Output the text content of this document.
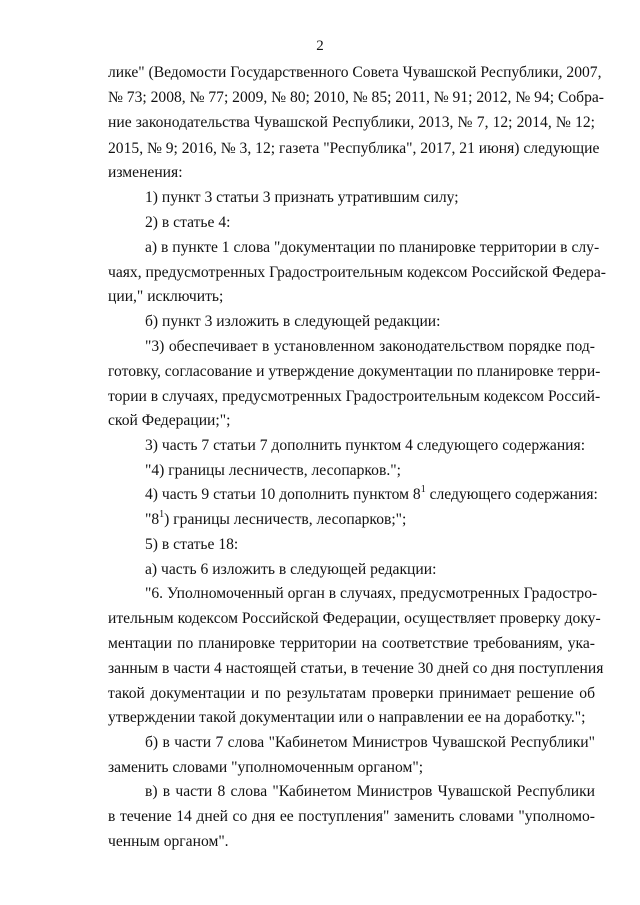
2
лике" (Ведомости Государственного Совета Чувашской Республики, 2007,
№ 73; 2008, № 77; 2009, № 80; 2010, № 85; 2011, № 91; 2012, № 94; Собра-
ние законодательства Чувашской Республики, 2013, № 7, 12; 2014, № 12;
2015, № 9; 2016, № 3, 12; газета "Республика", 2017, 21 июня) следующие
изменения:
1) пункт 3 статьи 3 признать утратившим силу;
2) в статье 4:
а) в пункте 1 слова "документации по планировке территории в слу-
чаях, предусмотренных Градостроительным кодексом Российской Федера-
ции," исключить;
б) пункт 3 изложить в следующей редакции:
"3) обеспечивает в установленном законодательством порядке под-
готовку, согласование и утверждение документации по планировке терри-
тории в случаях, предусмотренных Градостроительным кодексом Россий-
ской Федерации;";
3) часть 7 статьи 7 дополнить пунктом 4 следующего содержания:
"4) границы лесничеств, лесопарков.";
4) часть 9 статьи 10 дополнить пунктом $8^1$ следующего содержания:
"$8^1$) границы лесничеств, лесопарков;";
5) в статье 18:
а) часть 6 изложить в следующей редакции:
"6. Уполномоченный орган в случаях, предусмотренных Градостро-
ительным кодексом Российской Федерации, осуществляет проверку доку-
ментации по планировке территории на соответствие требованиям, ука-
занным в части 4 настоящей статьи, в течение 30 дней со дня поступления
такой документации и по результатам проверки принимает решение об
утверждении такой документации или о направлении ее на доработку.";
б) в части 7 слова "Кабинетом Министров Чувашской Республики"
заменить словами "уполномоченным органом";
в) в части 8 слова "Кабинетом Министров Чувашской Республики
в течение 14 дней со дня ее поступления" заменить словами "уполномо-
ченным органом".
